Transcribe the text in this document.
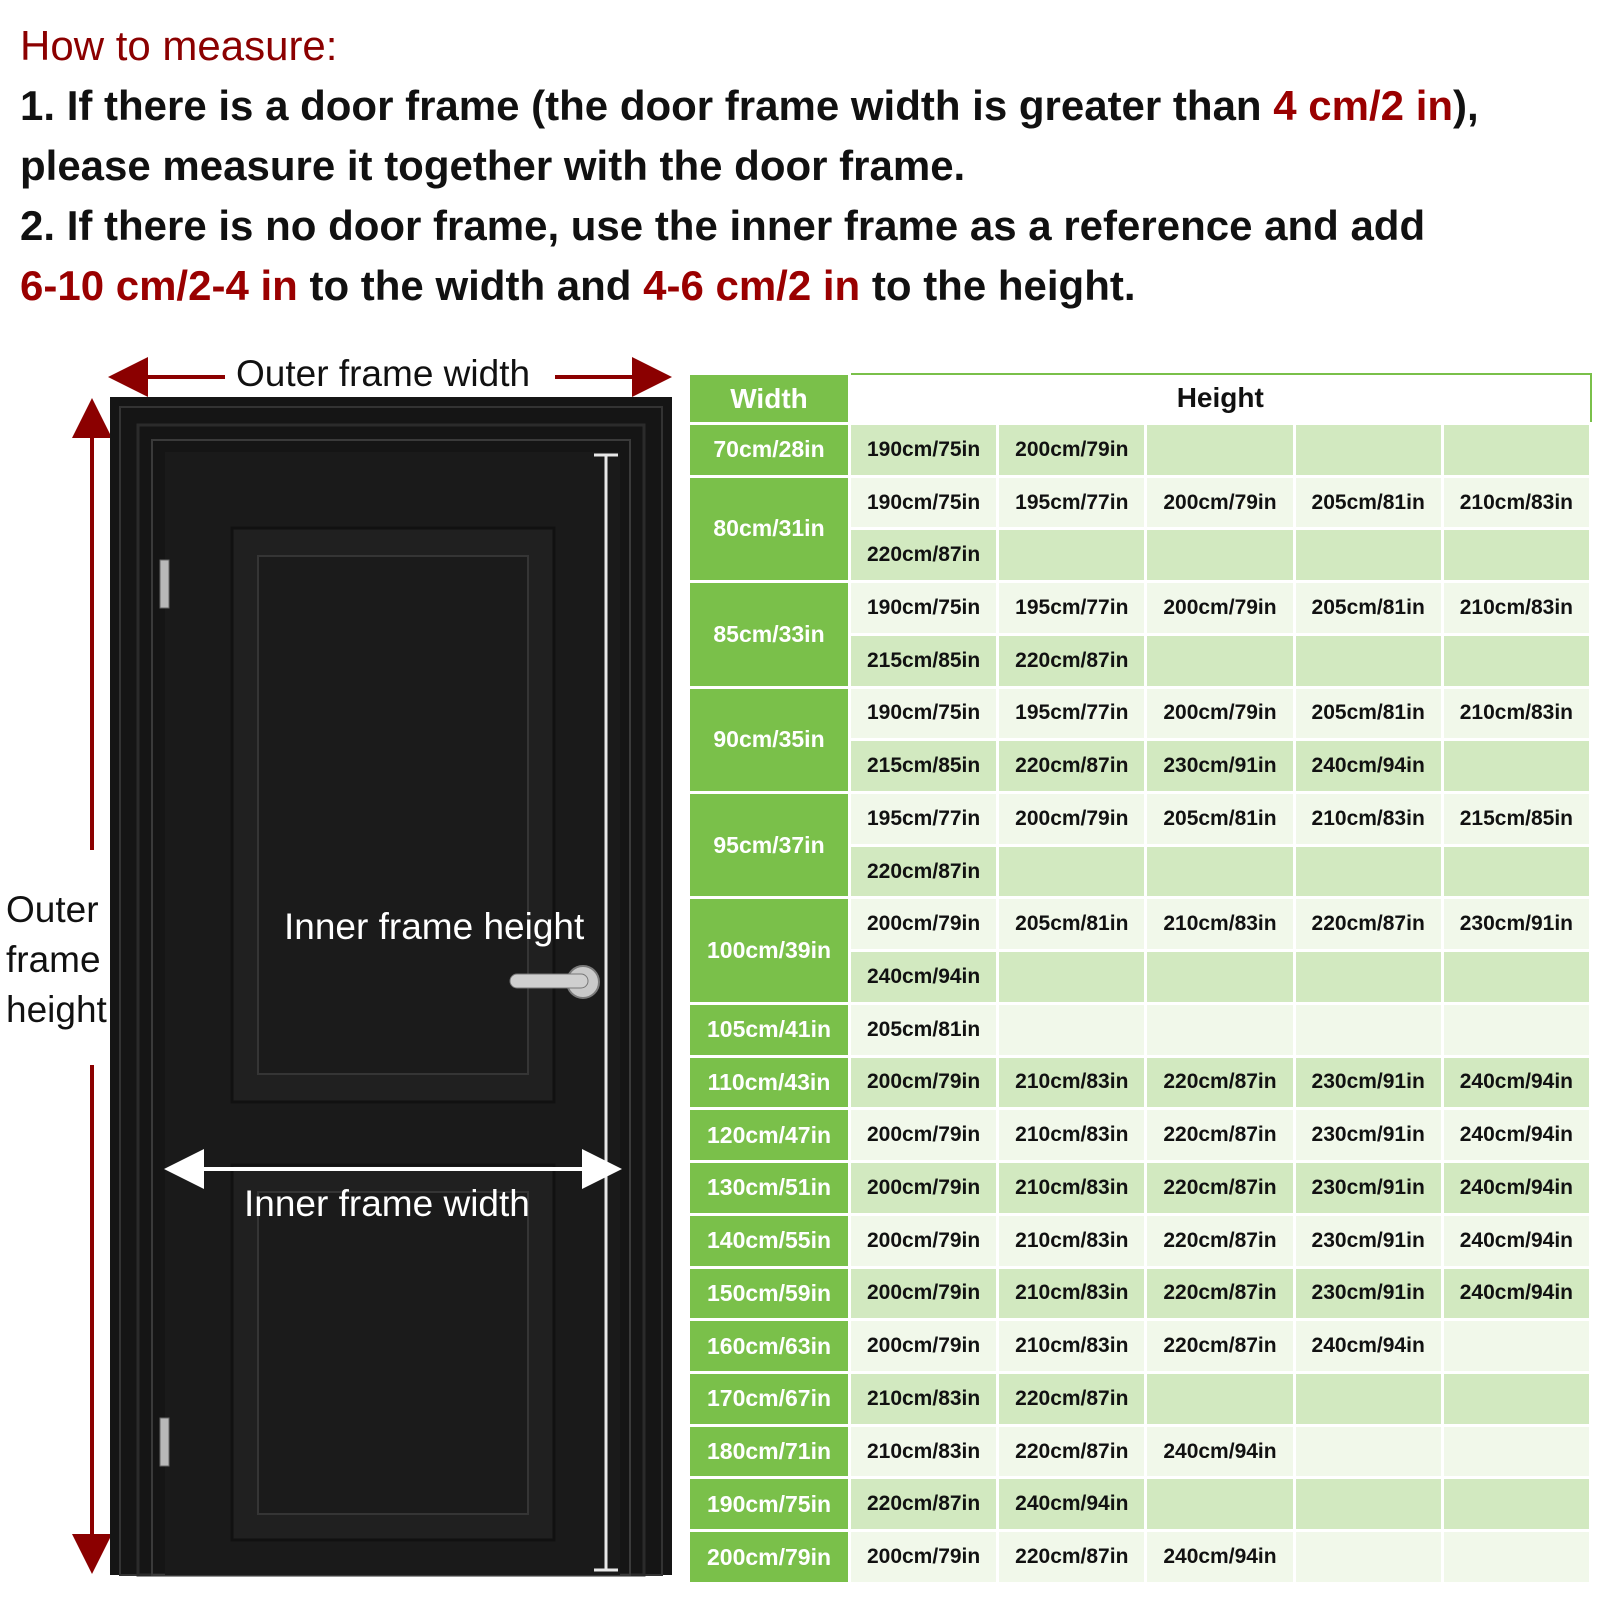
How to measure:
1. If there is a door frame (the door frame width is greater than 4 cm/2 in),
please measure it together with the door frame.
2. If there is no door frame, use the inner frame as a reference and add
6-10 cm/2-4 in to the width and 4-6 cm/2 in to the height.
Outer frame width
Outer
frame
height
Inner frame height
Inner frame width
Width	Height				
70cm/28in	190cm/75in	200cm/79in			
80cm/31in	190cm/75in	195cm/77in	200cm/79in	205cm/81in	210cm/83in
	220cm/87in				
85cm/33in	190cm/75in	195cm/77in	200cm/79in	205cm/81in	210cm/83in
	215cm/85in	220cm/87in			
90cm/35in	190cm/75in	195cm/77in	200cm/79in	205cm/81in	210cm/83in
	215cm/85in	220cm/87in	230cm/91in	240cm/94in	
95cm/37in	195cm/77in	200cm/79in	205cm/81in	210cm/83in	215cm/85in
	220cm/87in				
100cm/39in	200cm/79in	205cm/81in	210cm/83in	220cm/87in	230cm/91in
	240cm/94in				
105cm/41in	205cm/81in				
110cm/43in	200cm/79in	210cm/83in	220cm/87in	230cm/91in	240cm/94in
120cm/47in	200cm/79in	210cm/83in	220cm/87in	230cm/91in	240cm/94in
130cm/51in	200cm/79in	210cm/83in	220cm/87in	230cm/91in	240cm/94in
140cm/55in	200cm/79in	210cm/83in	220cm/87in	230cm/91in	240cm/94in
150cm/59in	200cm/79in	210cm/83in	220cm/87in	230cm/91in	240cm/94in
160cm/63in	200cm/79in	210cm/83in	220cm/87in	240cm/94in	
170cm/67in	210cm/83in	220cm/87in			
180cm/71in	210cm/83in	220cm/87in	240cm/94in		
190cm/75in	220cm/87in	240cm/94in			
200cm/79in	200cm/79in	220cm/87in	240cm/94in		
